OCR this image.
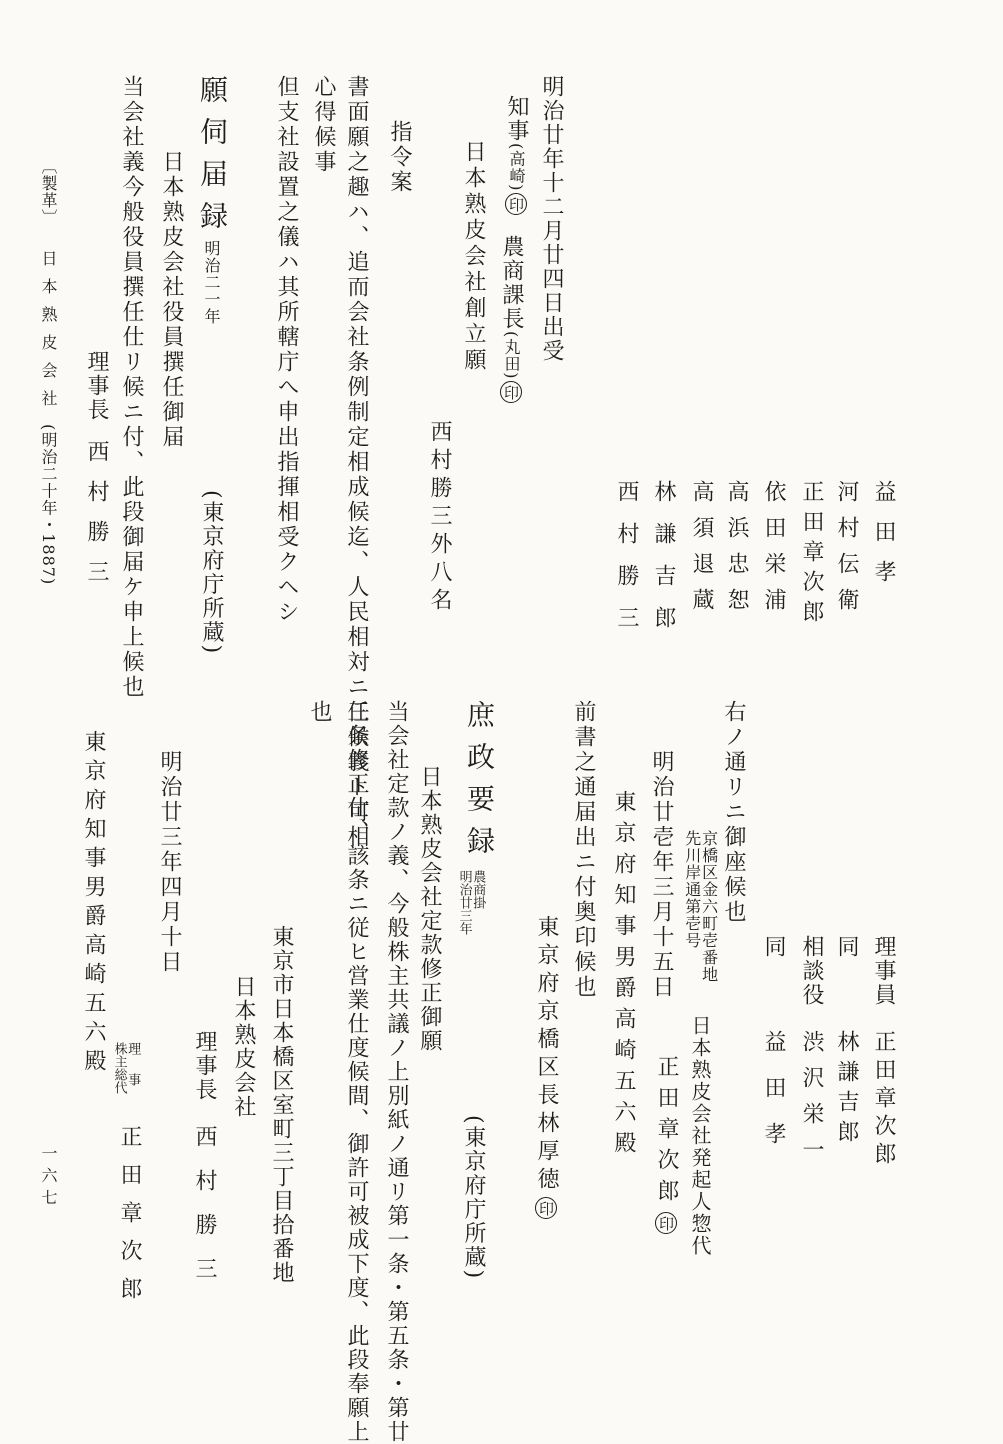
明治廿年十二月廿四日出受
知事(高崎)印
農商課長(丸田)印
日本熟皮会社創立願
西村勝三外八名
指令案
書面願之趣ハ、追而会社条例制定相成候迄、人民相対ニ任候義ト可相
心得候事
但支社設置之儀ハ其所轄庁へ申出指揮相受クヘシ
願伺届録
明治二一年
(東京府庁所蔵)
日本熟皮会社役員撰任御届
当会社義今般役員撰任仕リ候ニ付、此段御届ケ申上候也
理事長西村勝三
〔製革〕日本熟皮会社(明治二十年・1887)	益田孝
河村伝衛
正田章次郎
依田栄浦
高浜忠恕
高須退蔵
林謙吉郎
西村勝三
理事員
正田章次郎
同
林謙吉郎
相談役
渋沢栄一
同
益田孝
右ノ通リニ御座候也
京橋区金六町壱番地
先川岸通第壱号
明治廿壱年三月十五日
日本熟皮会社発起人惣代
正田章次郎印
東京府知事男爵高崎五六殿
前書之通届出ニ付奥印候也
東京府京橋区長林厚徳印
庶政要録
農商掛
明治廿三年
(東京府庁所蔵)
日本熟皮会社定款修正御願
当会社定款ノ義、今般株主共議ノ上別紙ノ通リ第一条・第五条・第廿
三条修正仕、該条ニ従ヒ営業仕度候間、御許可被成下度、此段奉願上
也
東京市日本橋区室町三丁目拾番地
日本熟皮会社
理事長
西村勝三
明治廿三年四月十日
理事
株主総代
正田章次郎
東京府知事男爵高崎五六殿
一六七
